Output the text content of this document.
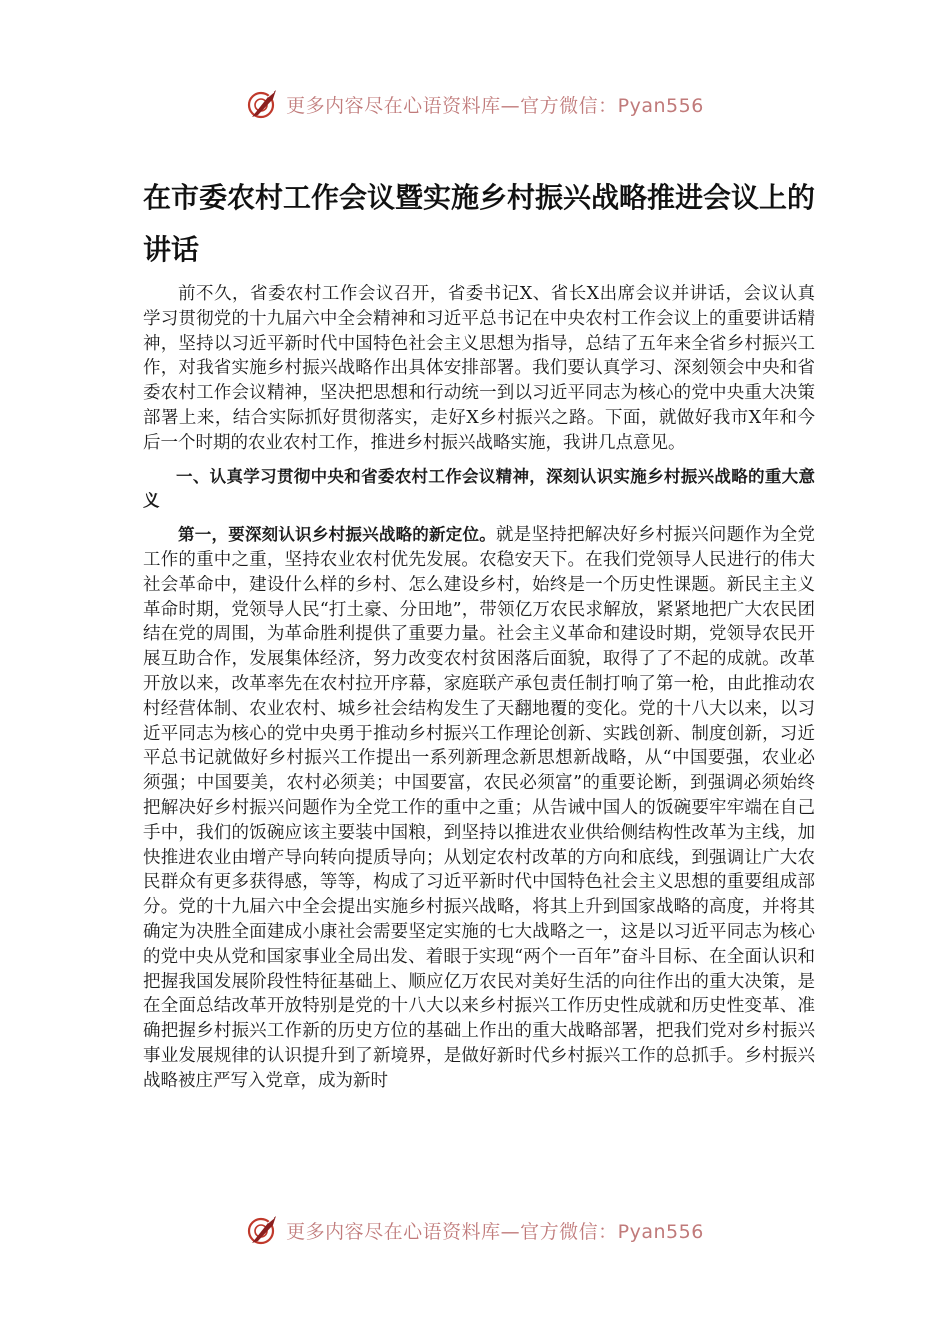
更多内容尽在心语资料库—官方微信：Pyan556
在市委农村工作会议暨实施乡村振兴战略推进会议上的讲话

前不久，省委农村工作会议召开，省委书记X、省长X出席会议并讲话，会议认真学习贯彻党的十九届六中全会精神和习近平总书记在中央农村工作会议上的重要讲话精神，坚持以习近平新时代中国特色社会主义思想为指导，总结了五年来全省乡村振兴工作，对我省实施乡村振兴战略作出具体安排部署。我们要认真学习、深刻领会中央和省委农村工作会议精神，坚决把思想和行动统一到以习近平同志为核心的党中央重大决策部署上来，结合实际抓好贯彻落实，走好X乡村振兴之路。下面，就做好我市X年和今后一个时期的农业农村工作，推进乡村振兴战略实施，我讲几点意见。

一、认真学习贯彻中央和省委农村工作会议精神，深刻认识实施乡村振兴战略的重大意义

第一，要深刻认识乡村振兴战略的新定位。就是坚持把解决好乡村振兴问题作为全党工作的重中之重，坚持农业农村优先发展。农稳安天下。在我们党领导人民进行的伟大社会革命中，建设什么样的乡村、怎么建设乡村，始终是一个历史性课题。新民主主义革命时期，党领导人民“打土豪、分田地”，带领亿万农民求解放，紧紧地把广大农民团结在党的周围，为革命胜利提供了重要力量。社会主义革命和建设时期，党领导农民开展互助合作，发展集体经济，努力改变农村贫困落后面貌，取得了了不起的成就。改革开放以来，改革率先在农村拉开序幕，家庭联产承包责任制打响了第一枪，由此推动农村经营体制、农业农村、城乡社会结构发生了天翻地覆的变化。党的十八大以来，以习近平同志为核心的党中央勇于推动乡村振兴工作理论创新、实践创新、制度创新，习近平总书记就做好乡村振兴工作提出一系列新理念新思想新战略，从“中国要强，农业必须强；中国要美，农村必须美；中国要富，农民必须富”的重要论断，到强调必须始终把解决好乡村振兴问题作为全党工作的重中之重；从告诫中国人的饭碗要牢牢端在自己手中，我们的饭碗应该主要装中国粮，到坚持以推进农业供给侧结构性改革为主线，加快推进农业由增产导向转向提质导向；从划定农村改革的方向和底线，到强调让广大农民群众有更多获得感，等等，构成了习近平新时代中国特色社会主义思想的重要组成部分。党的十九届六中全会提出实施乡村振兴战略，将其上升到国家战略的高度，并将其确定为决胜全面建成小康社会需要坚定实施的七大战略之一，这是以习近平同志为核心的党中央从党和国家事业全局出发、着眼于实现“两个一百年”奋斗目标、在全面认识和把握我国发展阶段性特征基础上、顺应亿万农民对美好生活的向往作出的重大决策，是在全面总结改革开放特别是党的十八大以来乡村振兴工作历史性成就和历史性变革、准确把握乡村振兴工作新的历史方位的基础上作出的重大战略部署，把我们党对乡村振兴事业发展规律的认识提升到了新境界，是做好新时代乡村振兴工作的总抓手。乡村振兴战略被庄严写入党章，成为新时

更多内容尽在心语资料库—官方微信：Pyan556
